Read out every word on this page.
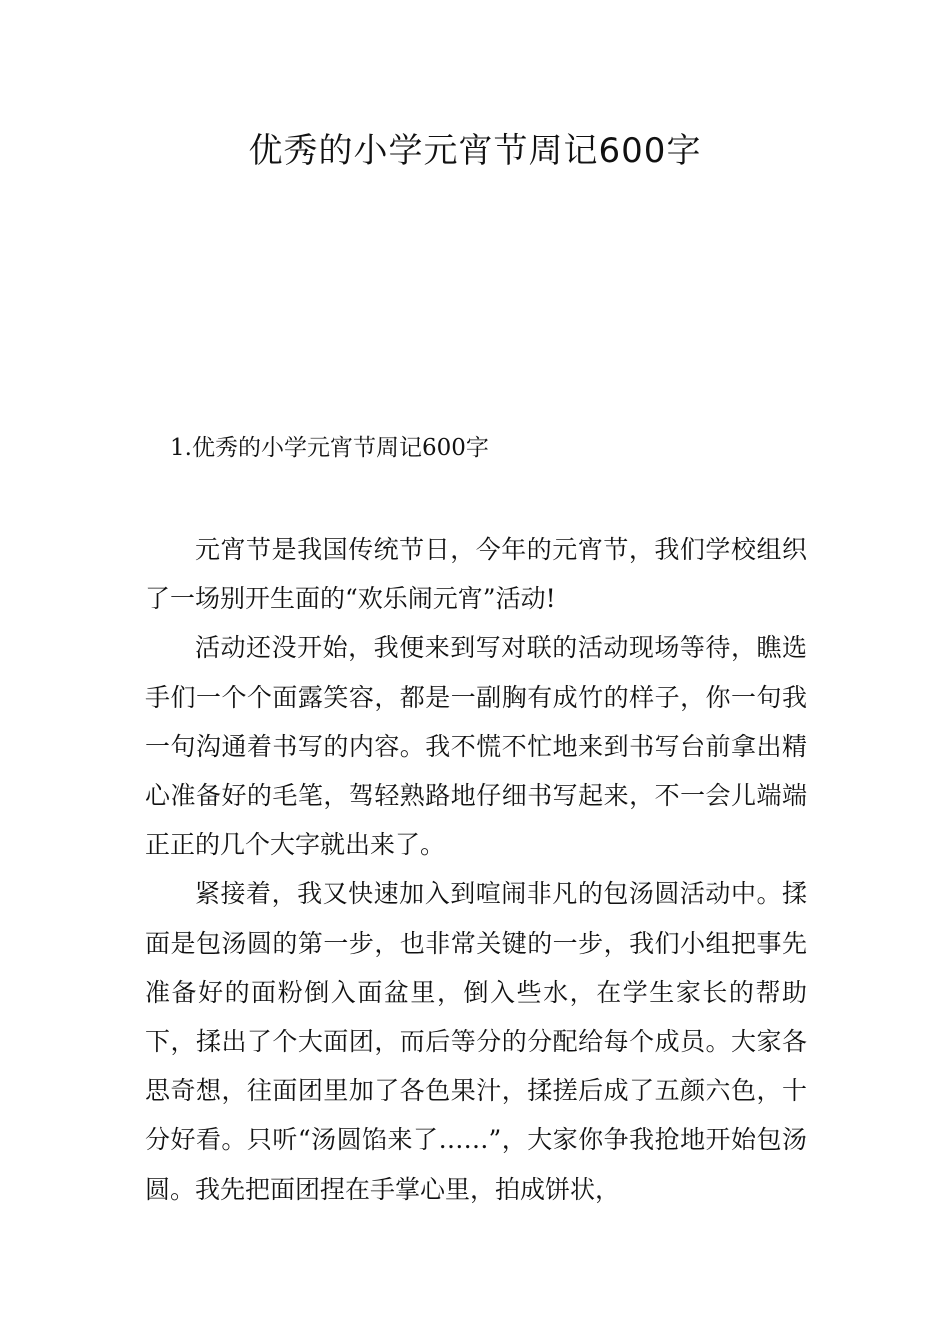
优秀的小学元宵节周记600字
1.优秀的小学元宵节周记600字

元宵节是我国传统节日，今年的元宵节，我们学校组织了一场别开生面的“欢乐闹元宵”活动!

活动还没开始，我便来到写对联的活动现场等待，瞧选手们一个个面露笑容，都是一副胸有成竹的样子，你一句我一句沟通着书写的内容。我不慌不忙地来到书写台前拿出精心准备好的毛笔，驾轻熟路地仔细书写起来，不一会儿端端正正的几个大字就出来了。

紧接着，我又快速加入到喧闹非凡的包汤圆活动中。揉面是包汤圆的第一步，也非常关键的一步，我们小组把事先准备好的面粉倒入面盆里，倒入些水，在学生家长的帮助下，揉出了个大面团，而后等分的分配给每个成员。大家各思奇想，往面团里加了各色果汁，揉搓后成了五颜六色，十分好看。只听“汤圆馅来了……”，大家你争我抢地开始包汤圆。我先把面团捏在手掌心里，拍成饼状，
